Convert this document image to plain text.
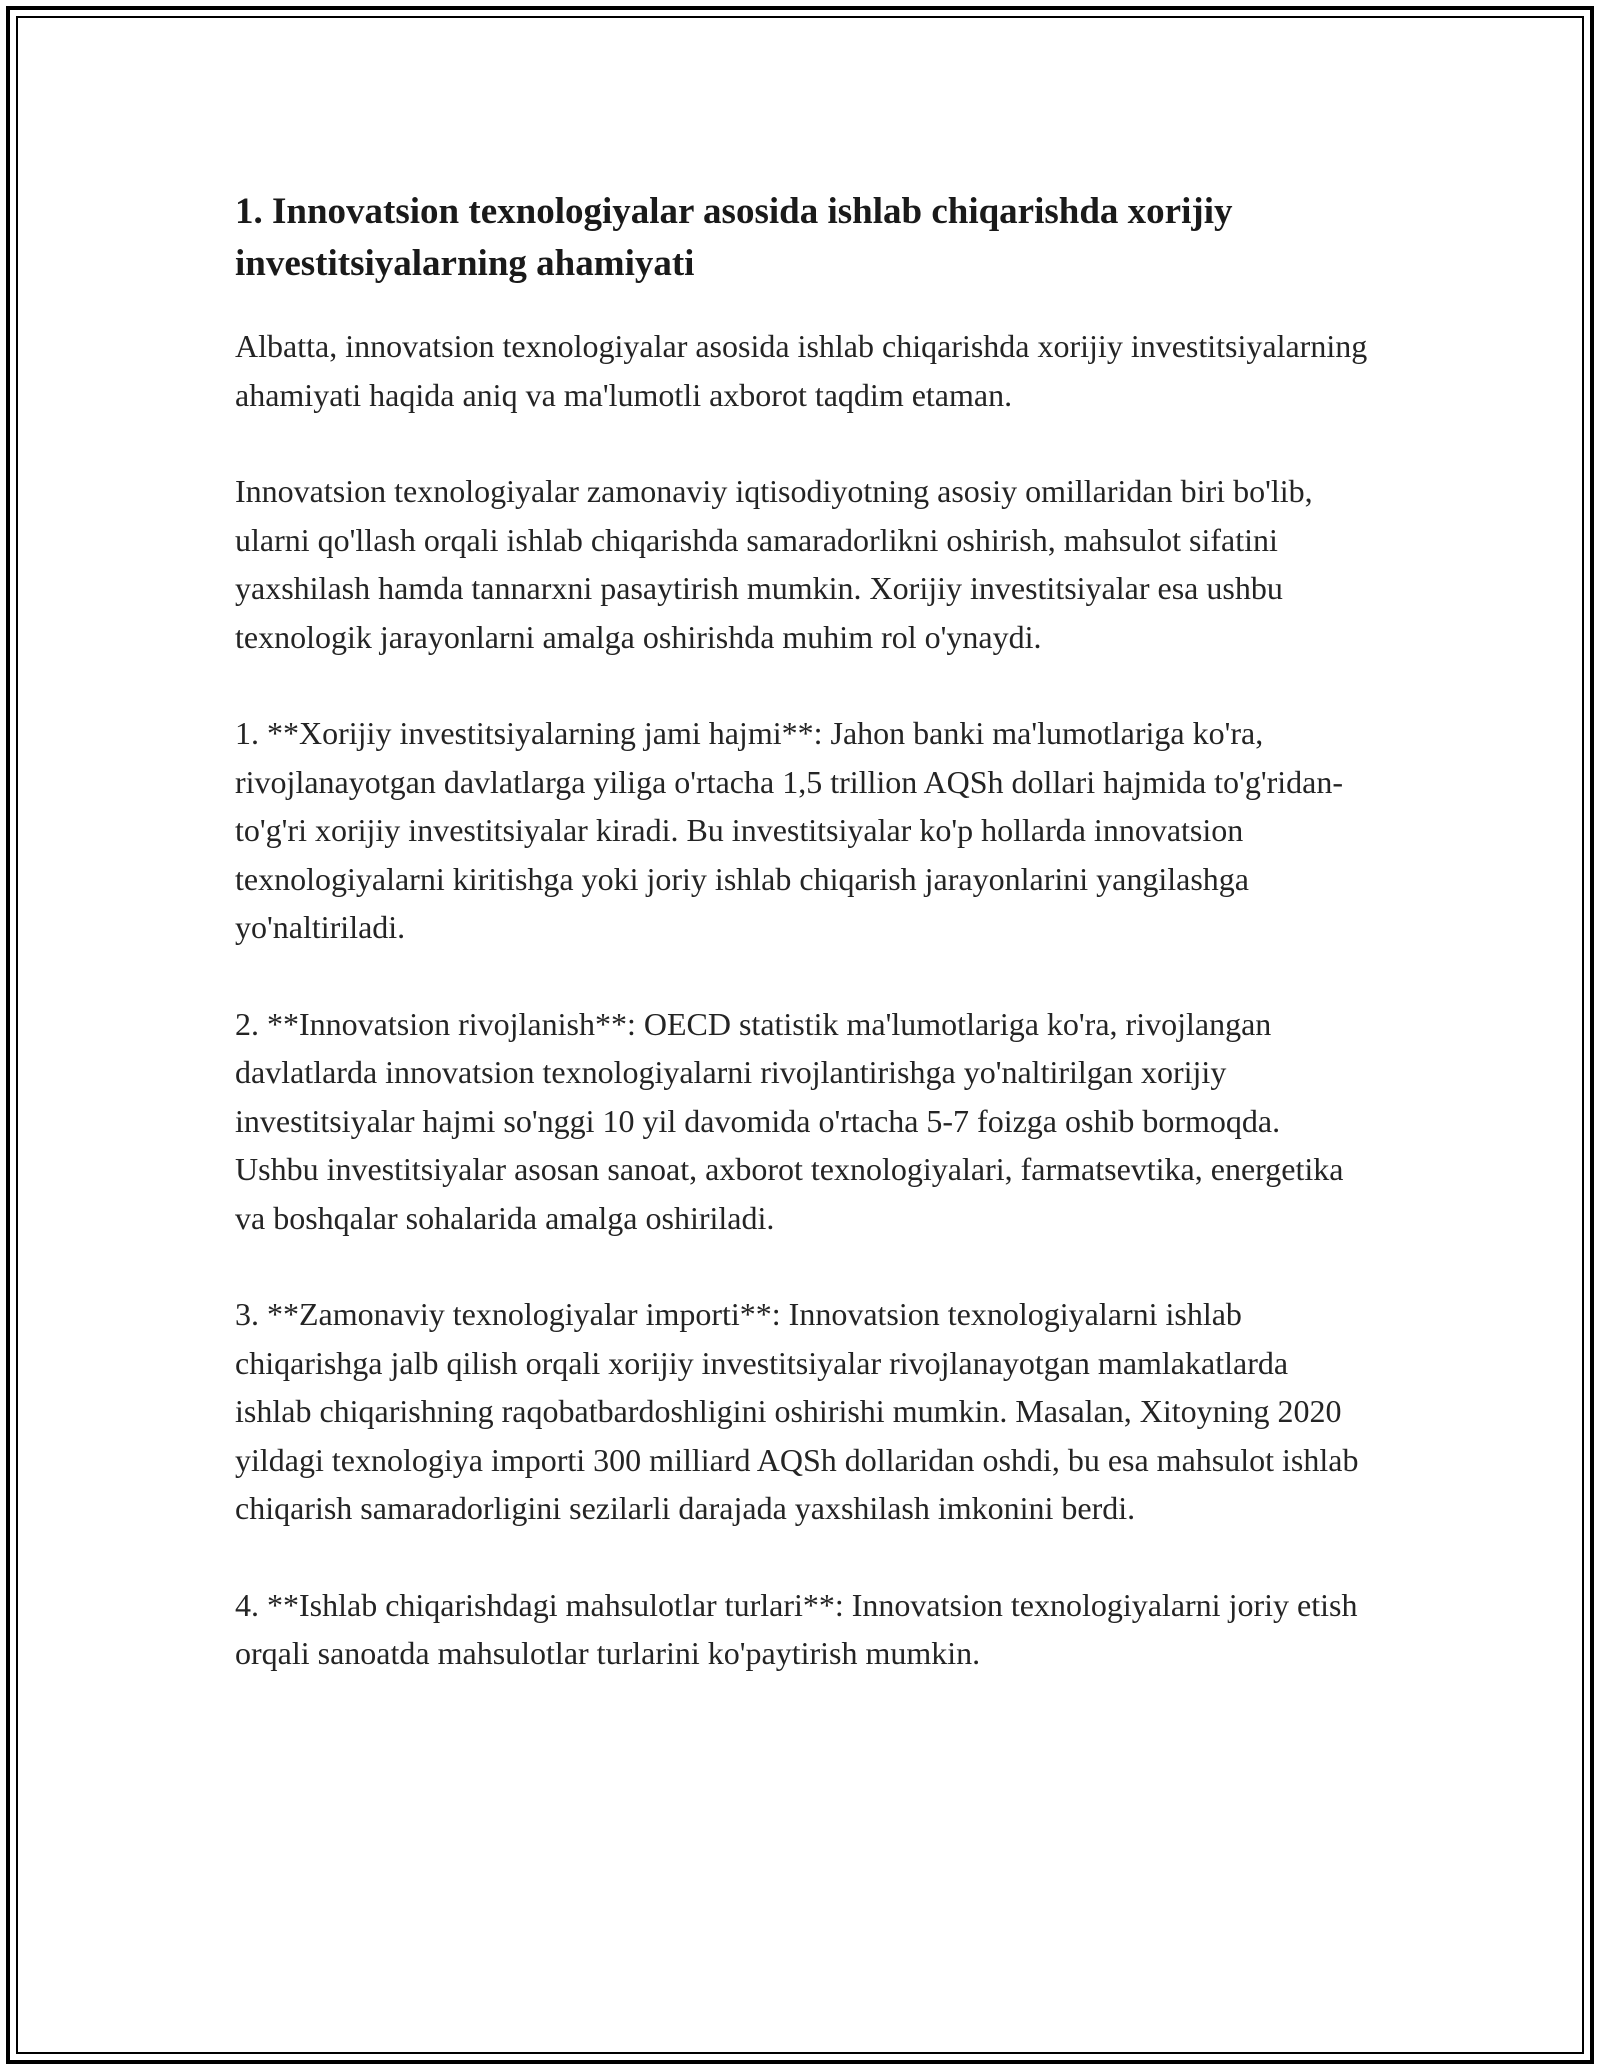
1. Innovatsion texnologiyalar asosida ishlab chiqarishda xorijiy investitsiyalarning ahamiyati

Albatta, innovatsion texnologiyalar asosida ishlab chiqarishda xorijiy investitsiyalarning ahamiyati haqida aniq va ma'lumotli axborot taqdim etaman.

Innovatsion texnologiyalar zamonaviy iqtisodiyotning asosiy omillaridan biri bo'lib, ularni qo'llash orqali ishlab chiqarishda samaradorlikni oshirish, mahsulot sifatini yaxshilash hamda tannarxni pasaytirish mumkin. Xorijiy investitsiyalar esa ushbu texnologik jarayonlarni amalga oshirishda muhim rol o'ynaydi.

1. **Xorijiy investitsiyalarning jami hajmi**: Jahon banki ma'lumotlariga ko'ra, rivojlanayotgan davlatlarga yiliga o'rtacha 1,5 trillion AQSh dollari hajmida to'g'ridan-to'g'ri xorijiy investitsiyalar kiradi. Bu investitsiyalar ko'p hollarda innovatsion texnologiyalarni kiritishga yoki joriy ishlab chiqarish jarayonlarini yangilashga yo'naltiriladi.

2. **Innovatsion rivojlanish**: OECD statistik ma'lumotlariga ko'ra, rivojlangan davlatlarda innovatsion texnologiyalarni rivojlantirishga yo'naltirilgan xorijiy investitsiyalar hajmi so'nggi 10 yil davomida o'rtacha 5-7 foizga oshib bormoqda. Ushbu investitsiyalar asosan sanoat, axborot texnologiyalari, farmatsevtika, energetika va boshqalar sohalarida amalga oshiriladi.

3. **Zamonaviy texnologiyalar importi**: Innovatsion texnologiyalarni ishlab chiqarishga jalb qilish orqali xorijiy investitsiyalar rivojlanayotgan mamlakatlarda ishlab chiqarishning raqobatbardoshligini oshirishi mumkin. Masalan, Xitoyning 2020 yildagi texnologiya importi 300 milliard AQSh dollaridan oshdi, bu esa mahsulot ishlab chiqarish samaradorligini sezilarli darajada yaxshilash imkonini berdi.

4. **Ishlab chiqarishdagi mahsulotlar turlari**: Innovatsion texnologiyalarni joriy etish orqali sanoatda mahsulotlar turlarini ko'paytirish mumkin.
